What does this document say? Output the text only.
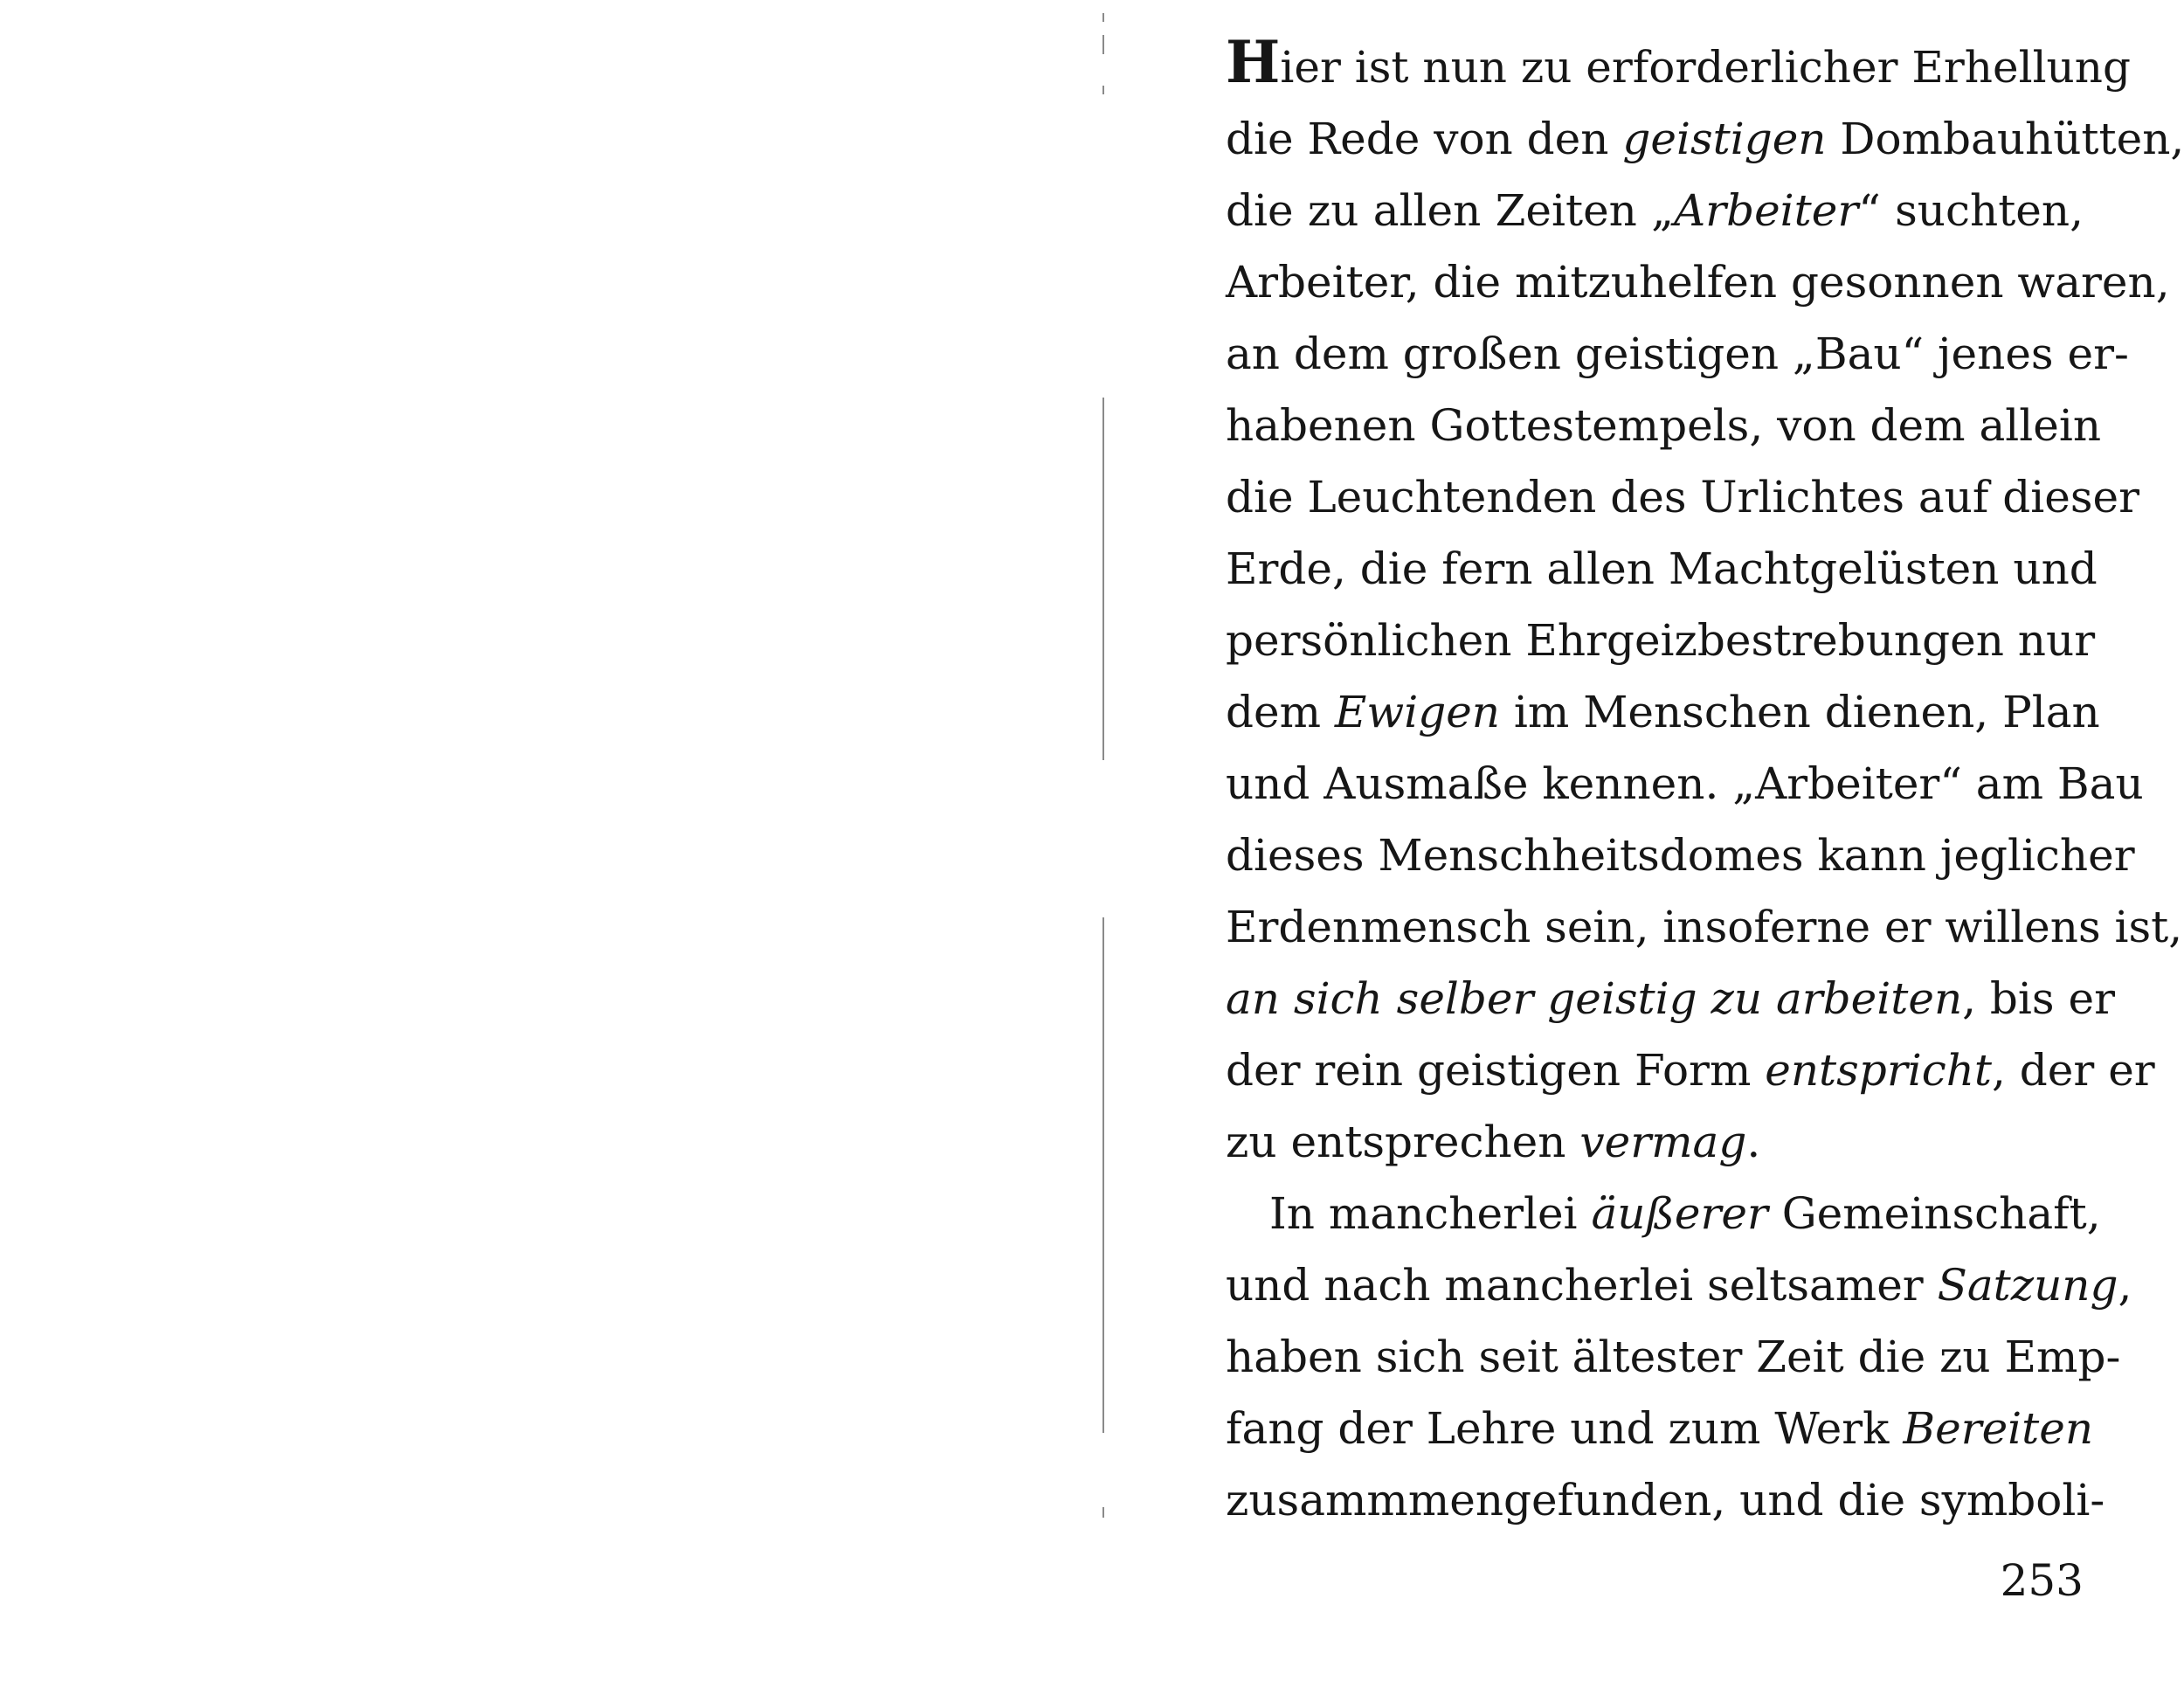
Hier ist nun zu erforderlicher Erhellung
die Rede von den geistigen Dombauhütten,
die zu allen Zeiten „Arbeiter“ suchten,
Arbeiter, die mitzuhelfen gesonnen waren,
an dem großen geistigen „Bau“ jenes er-
habenen Gottestempels, von dem allein
die Leuchtenden des Urlichtes auf dieser
Erde, die fern allen Machtgelüsten und
persönlichen Ehrgeizbestrebungen nur
dem Ewigen im Menschen dienen, Plan
und Ausmaße kennen. „Arbeiter“ am Bau
dieses Menschheitsdomes kann jeglicher
Erdenmensch sein, insoferne er willens ist,
an sich selber geistig zu arbeiten, bis er
der rein geistigen Form entspricht, der er
zu entsprechen vermag.
In mancherlei äußerer Gemeinschaft,
und nach mancherlei seltsamer Satzung,
haben sich seit ältester Zeit die zu Emp-
fang der Lehre und zum Werk Bereiten
zusammmengefunden, und die symboli-
253
